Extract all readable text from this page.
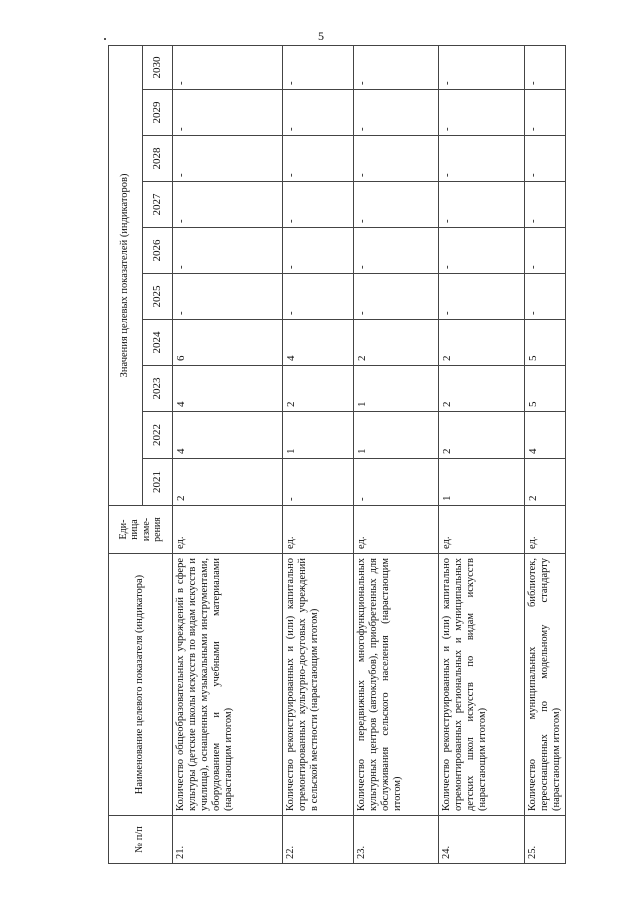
5
№ п/п	Наименование целевого показателя (индикатора)	Еди-ница изме-рения	Значения целевых показателей (индикаторов)									
			2021	2022	2023	2024	2025	2026	2027	2028	2029	2030
21.	Количество общеобразовательных учреждений в сфере культуры (детские школы искусств по видам искусств и училища), оснащенных музыкальными инструментами, оборудованием и учебными материалами (нарастающим итогом)	ед.	2	4	4	6	-	-	-	-	-	-
22.	Количество реконструированных и (или) капитально отремонтированных культурно-досуговых учреждений в сельской местности (нарастающим итогом)	ед.	-	1	2	4	-	-	-	-	-	-
23.	Количество передвижных многофункциональных культурных центров (автоклубов), приобретенных для обслуживания сельского населения (нарастающим итогом)	ед.	-	1	1	2	-	-	-	-	-	-
24.	Количество реконструированных и (или) капитально отремонтированных региональных и муниципальных детских школ искусств по видам искусств (нарастающим итогом)	ед.	1	2	2	2	-	-	-	-	-	-
25.	Количество муниципальных библиотек, переоснащенных по модельному стандарту (нарастающим итогом)	ед.	2	4	5	5	-	-	-	-	-	-
